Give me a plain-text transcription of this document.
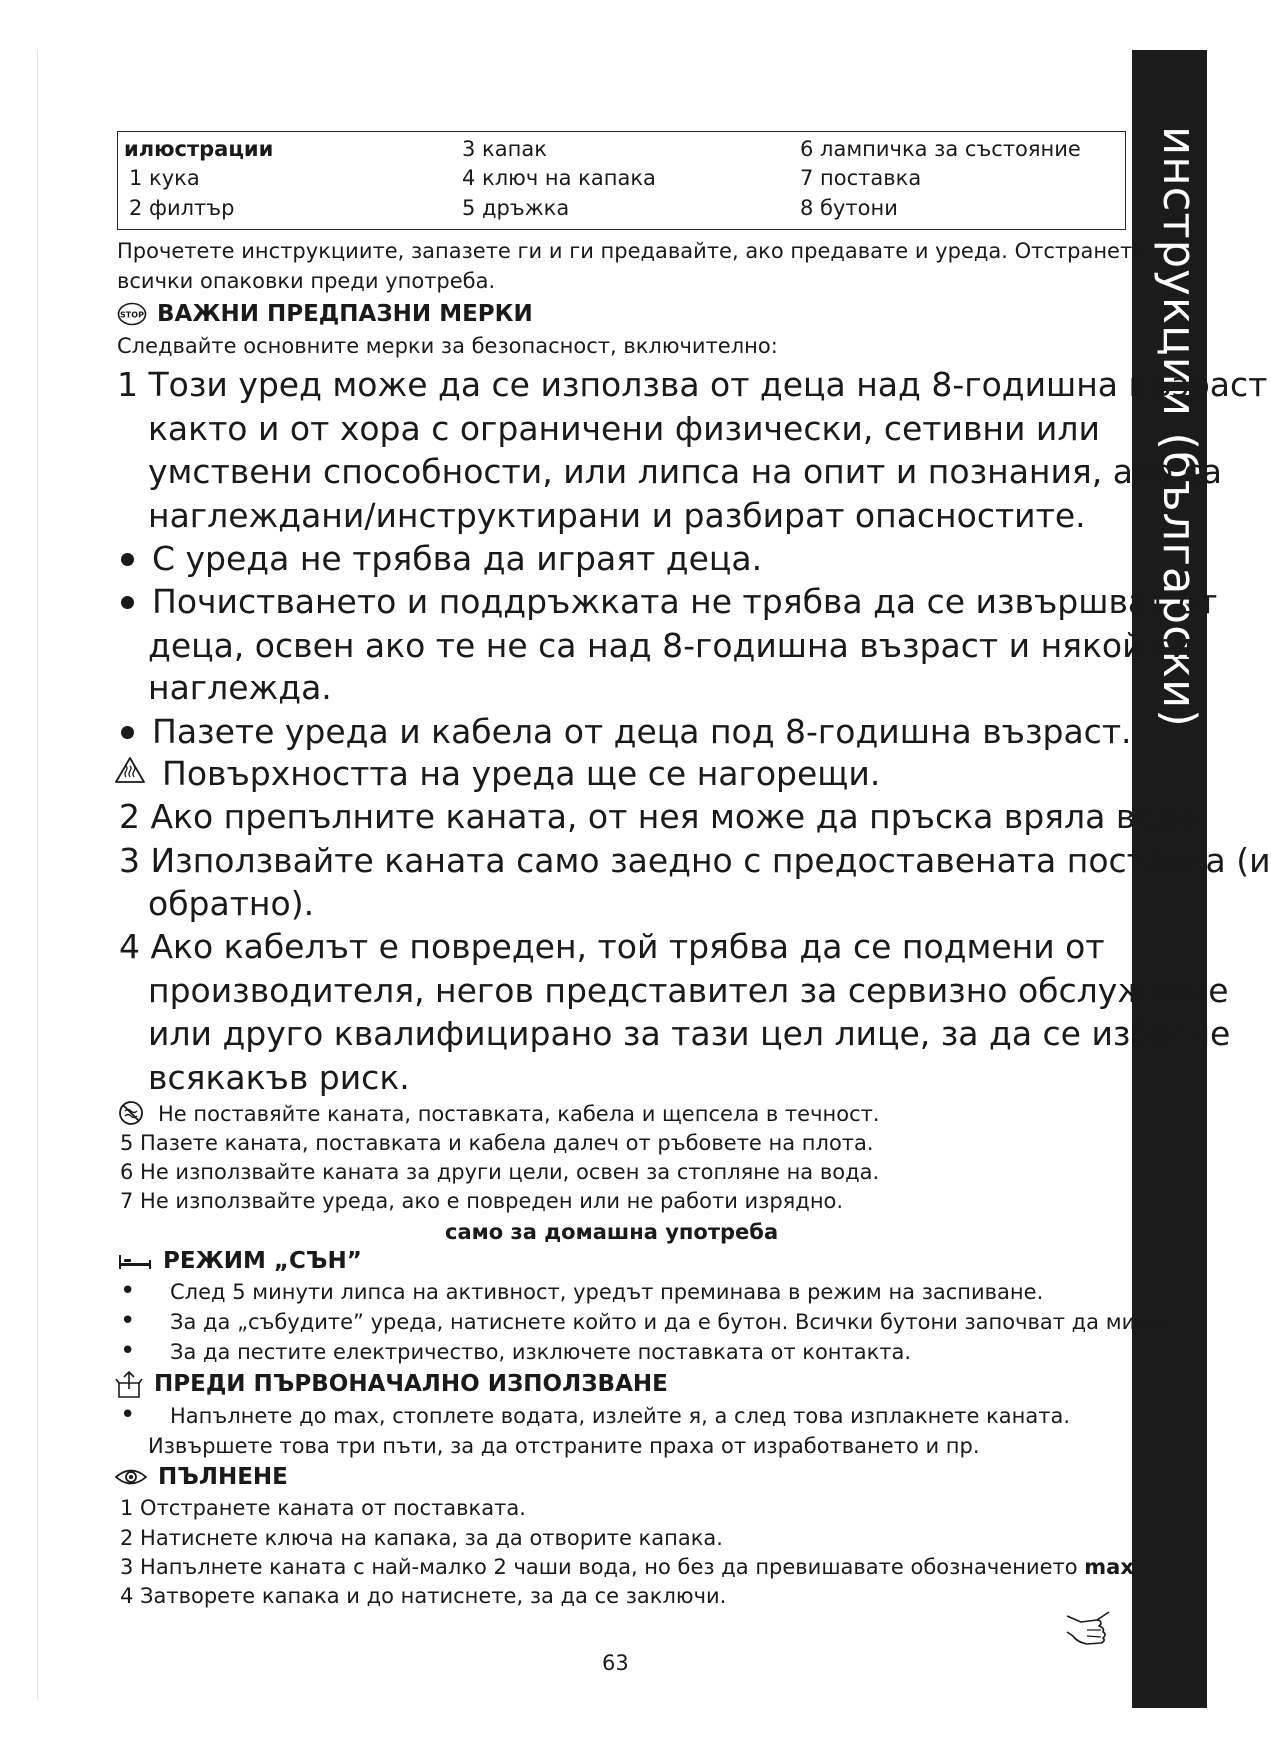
инструкции (български)
илюстрации
1 кука
2 филтър
3 капак
4 ключ на капака
5 дръжка
6 лампичка за състояние
7 поставка
8 бутони
Прочетете инструкциите, запазете ги и ги предавайте, ако предавате и уреда. Отстранете
всички опаковки преди употреба.
STOP ВАЖНИ ПРЕДПАЗНИ МЕРКИ
Следвайте основните мерки за безопасност, включително:
1 Този уред може да се използва от деца над 8-годишна възраст
както и от хора с ограничени физически, сетивни или
умствени способности, или липса на опит и познания, ако са
наглеждани/инструктирани и разбират опасностите.
С уреда не трябва да играят деца.
Почистването и поддръжката не трябва да се извършват от
деца, освен ако те не са над 8-годишна възраст и някой ги
наглежда.
Пазете уреда и кабела от деца под 8-годишна възраст.
Повърхността на уреда ще се нагорещи.
2 Ако препълните каната, от нея може да пръска вряла вода.
3 Използвайте каната само заедно с предоставената поставка (и
обратно).
4 Ако кабелът е повреден, той трябва да се подмени от
производителя, негов представител за сервизно обслужване
или друго квалифицирано за тази цел лице, за да се избегне
всякакъв риск.
Не поставяйте каната, поставката, кабела и щепсела в течност.
5 Пазете каната, поставката и кабела далеч от ръбовете на плота.
6 Не използвайте каната за други цели, освен за стопляне на вода.
7 Не използвайте уреда, ако е повреден или не работи изрядно.
само за домашна употреба
РЕЖИМ „СЪН”
• След 5 минути липса на активност, уредът преминава в режим на заспиване.
• За да „събудите” уреда, натиснете който и да е бутон. Всички бутони започват да мигат.
• За да пестите електричество, изключете поставката от контакта.
ПРЕДИ ПЪРВОНАЧАЛНО ИЗПОЛЗВАНЕ
• Напълнете до max, стоплете водата, излейте я, а след това изплакнете каната.
Извършете това три пъти, за да отстраните праха от изработването и пр.
ПЪЛНЕНЕ
1 Отстранете каната от поставката.
2 Натиснете ключа на капака, за да отворите капака.
3 Напълнете каната с най-малко 2 чаши вода, но без да превишавате обозначението max.
4 Затворете капака и до натиснете, за да се заключи.
63
